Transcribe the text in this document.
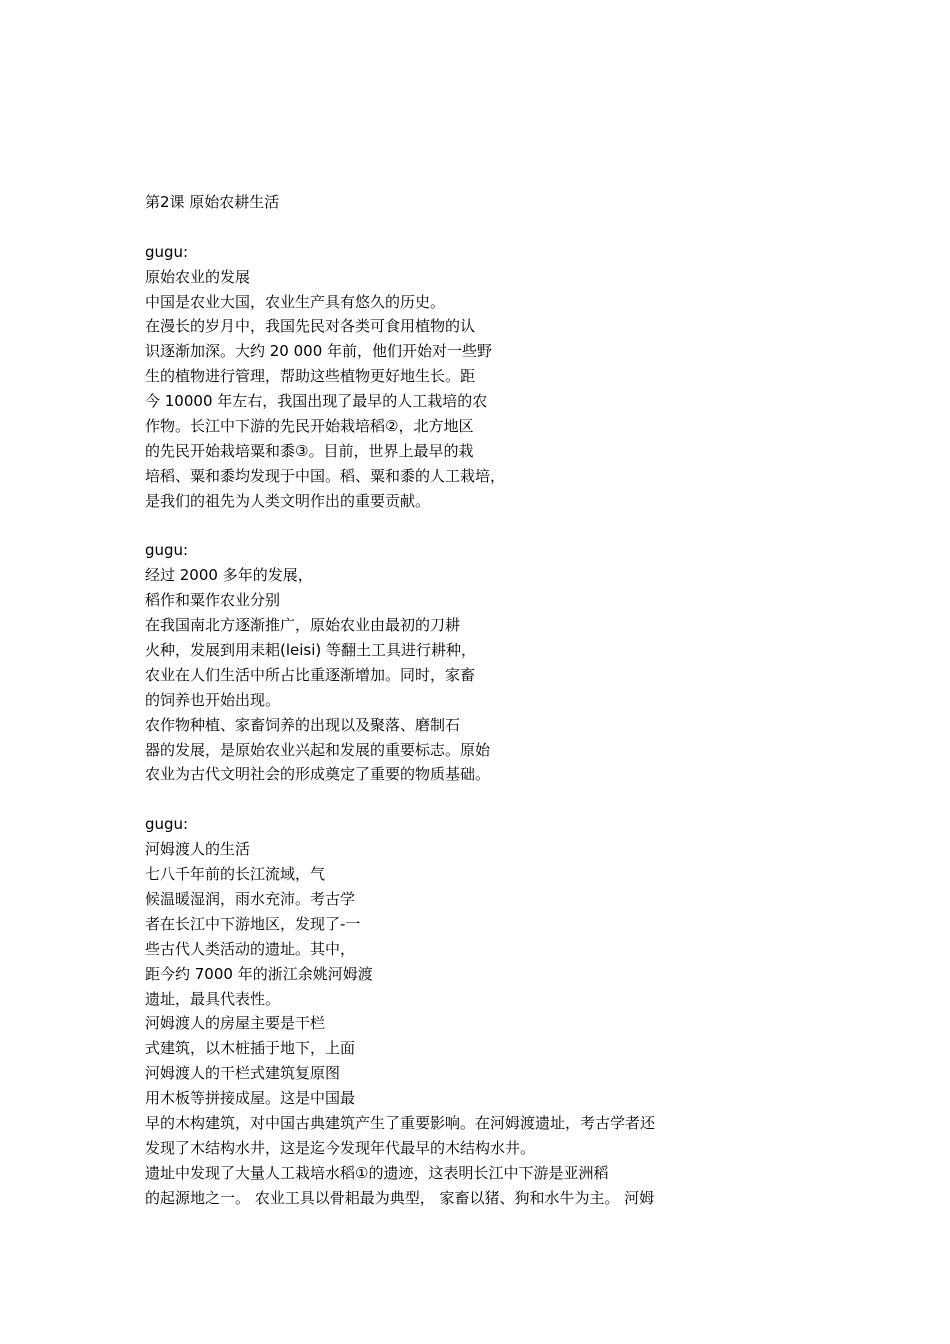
第2课 原始农耕生活
gugu:
原始农业的发展
中国是农业大国，农业生产具有悠久的历史。
在漫长的岁月中，我国先民对各类可食用植物的认
识逐渐加深。大约 20 000 年前，他们开始对一些野
生的植物进行管理，帮助这些植物更好地生长。距
今 10000 年左右，我国出现了最早的人工栽培的农
作物。长江中下游的先民开始栽培稻②，北方地区
的先民开始栽培粟和黍③。目前，世界上最早的栽
培稻、粟和黍均发现于中国。稻、粟和黍的人工栽培，
是我们的祖先为人类文明作出的重要贡献。
gugu:
经过 2000 多年的发展，
稻作和粟作农业分别
在我国南北方逐渐推广，原始农业由最初的刀耕
火种，发展到用耒耜(leisi) 等翻土工具进行耕种，
农业在人们生活中所占比重逐渐增加。同时，家畜
的饲养也开始出现。
农作物种植、家畜饲养的出现以及聚落、磨制石
器的发展，是原始农业兴起和发展的重要标志。原始
农业为古代文明社会的形成奠定了重要的物质基础。
gugu:
河姆渡人的生活
七八千年前的长江流域，气
候温暖湿润，雨水充沛。考古学
者在长江中下游地区，发现了-一
些古代人类活动的遗址。其中，
距今约 7000 年的浙江余姚河姆渡
遗址，最具代表性。
河姆渡人的房屋主要是干栏
式建筑，以木桩插于地下，上面
河姆渡人的干栏式建筑复原图
用木板等拼接成屋。这是中国最
早的木构建筑，对中国古典建筑产生了重要影响。在河姆渡遗址，考古学者还
发现了木结构水井，这是迄今发现年代最早的木结构水井。
遗址中发现了大量人工栽培水稻①的遗迹，这表明长江中下游是亚洲稻
的起源地之一。 农业工具以骨耜最为典型， 家畜以猪、狗和水牛为主。 河姆
